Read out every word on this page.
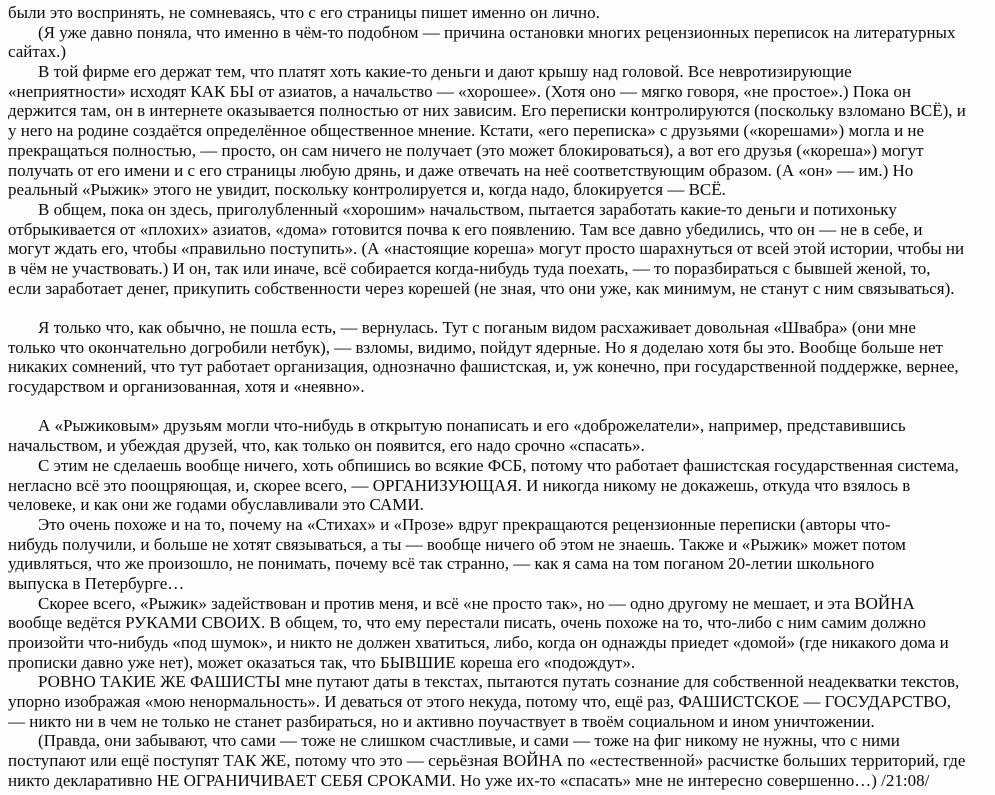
были это воспринять, не сомневаясь, что с его страницы пишет именно он лично.
(Я уже давно поняла, что именно в чём-то подобном — причина остановки многих рецензионных переписок на литературных
сайтах.)
В той фирме его держат тем, что платят хоть какие-то деньги и дают крышу над головой. Все невротизирующие
«неприятности» исходят КАК БЫ от азиатов, а начальство — «хорошее». (Хотя оно — мягко говоря, «не простое».) Пока он
держится там, он в интернете оказывается полностью от них зависим. Его переписки контролируются (поскольку взломано ВСЁ), и
у него на родине создаётся определённое общественное мнение. Кстати, «его переписка» с друзьями («корешами») могла и не
прекращаться полностью, — просто, он сам ничего не получает (это может блокироваться), а вот его друзья («кореша») могут
получать от его имени и с его страницы любую дрянь, и даже отвечать на неё соответствующим образом. (А «он» — им.) Но
реальный «Рыжик» этого не увидит, поскольку контролируется и, когда надо, блокируется — ВСЁ.
В общем, пока он здесь, приголубленный «хорошим» начальством, пытается заработать какие-то деньги и потихоньку
отбрыкивается от «плохих» азиатов, «дома» готовится почва к его появлению. Там все давно убедились, что он — не в себе, и
могут ждать его, чтобы «правильно поступить». (А «настоящие кореша» могут просто шарахнуться от всей этой истории, чтобы ни
в чём не участвовать.) И он, так или иначе, всё собирается когда-нибудь туда поехать, — то поразбираться с бывшей женой, то,
если заработает денег, прикупить собственности через корешей (не зная, что они уже, как минимум, не станут с ним связываться).
Я только что, как обычно, не пошла есть, — вернулась. Тут с поганым видом расхаживает довольная «Швабра» (они мне
только что окончательно догробили нетбук), — взломы, видимо, пойдут ядерные. Но я доделаю хотя бы это. Вообще больше нет
никаких сомнений, что тут работает организация, однозначно фашистская, и, уж конечно, при государственной поддержке, вернее,
государством и организованная, хотя и «неявно».
А «Рыжиковым» друзьям могли что-нибудь в открытую понаписать и его «доброжелатели», например, представившись
начальством, и убеждая друзей, что, как только он появится, его надо срочно «спасать».
С этим не сделаешь вообще ничего, хоть обпишись во всякие ФСБ, потому что работает фашистская государственная система,
негласно всё это поощряющая, и, скорее всего, — ОРГАНИЗУЮЩАЯ. И никогда никому не докажешь, откуда что взялось в
человеке, и как они же годами обуславливали это САМИ.
Это очень похоже и на то, почему на «Стихах» и «Прозе» вдруг прекращаются рецензионные переписки (авторы что-
нибудь получили, и больше не хотят связываться, а ты — вообще ничего об этом не знаешь. Также и «Рыжик» может потом
удивляться, что же произошло, не понимать, почему всё так странно, — как я сама на том поганом 20-летии школьного
выпуска в Петербурге…
Скорее всего, «Рыжик» задействован и против меня, и всё «не просто так», но — одно другому не мешает, и эта ВОЙНА
вообще ведётся РУКАМИ СВОИХ. В общем, то, что ему перестали писать, очень похоже на то, что-либо с ним самим должно
произойти что-нибудь «под шумок», и никто не должен хватиться, либо, когда он однажды приедет «домой» (где никакого дома и
прописки давно уже нет), может оказаться так, что БЫВШИЕ кореша его «подождут».
РОВНО ТАКИЕ ЖЕ ФАШИСТЫ мне путают даты в текстах, пытаются путать сознание для собственной неадекватки текстов,
упорно изображая «мою ненормальность». И деваться от этого некуда, потому что, ещё раз, ФАШИСТСКОЕ — ГОСУДАРСТВО,
— никто ни в чем не только не станет разбираться, но и активно поучаствует в твоём социальном и ином уничтожении.
(Правда, они забывают, что сами — тоже не слишком счастливые, и сами — тоже на фиг никому не нужны, что с ними
поступают или ещё поступят ТАК ЖЕ, потому что это — серьёзная ВОЙНА по «естественной» расчистке больших территорий, где
никто декларативно НЕ ОГРАНИЧИВАЕТ СЕБЯ СРОКАМИ. Но уже их-то «спасать» мне не интересно совершенно…) /21:08/
